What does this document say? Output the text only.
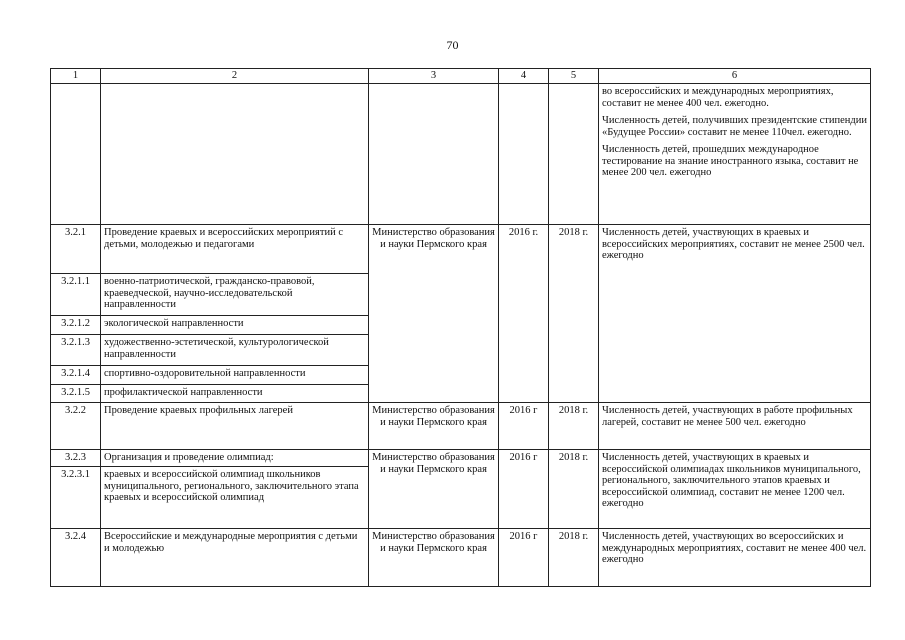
70
1	2	3	4	5	6

					во всероссийских и международных мероприятиях, составит не менее 400 чел. ежегодно.
Численность детей, получивших президентские стипендии «Будущее России» составит не менее 110чел. ежегодно.
Численность детей, прошедших международное тестирование на знание иностранного языка, составит не менее 200 чел. ежегодно

3.2.1	Проведение краевых и всероссийских мероприятий с детьми, молодежью и педагогами	Министерство образования и науки Пермского края	2016 г.	2018 г.	Численность детей, участвующих в краевых и всероссийских мероприятиях, составит не менее 2500 чел. ежегодно
3.2.1.1	военно-патриотической, гражданско-правовой, краеведческой, научно-исследовательской направленности				
3.2.1.2	экологической направленности				
3.2.1.3	художественно-эстетической, культурологической направленности				
3.2.1.4	спортивно-оздоровительной направленности				
3.2.1.5	профилактической направленности				
3.2.2	Проведение краевых профильных лагерей	Министерство образования и науки Пермского края	2016 г	2018 г.	Численность детей, участвующих в работе профильных лагерей, составит не менее 500 чел. ежегодно
3.2.3	Организация и проведение олимпиад:	Министерство образования и науки Пермского края	2016 г	2018 г.	Численность детей, участвующих в краевых и всероссийской олимпиадах школьников муниципального, регионального, заключительного этапов краевых и всероссийской олимпиад, составит не менее 1200 чел. ежегодно
3.2.3.1	краевых и всероссийской олимпиад школьников муниципального, регионального, заключительного этапа краевых и всероссийской олимпиад				
3.2.4	Всероссийские и международные мероприятия с детьми и молодежью	Министерство образования и науки Пермского края	2016 г	2018 г.	Численность детей, участвующих во всероссийских и международных мероприятиях, составит не менее 400 чел. ежегодно
